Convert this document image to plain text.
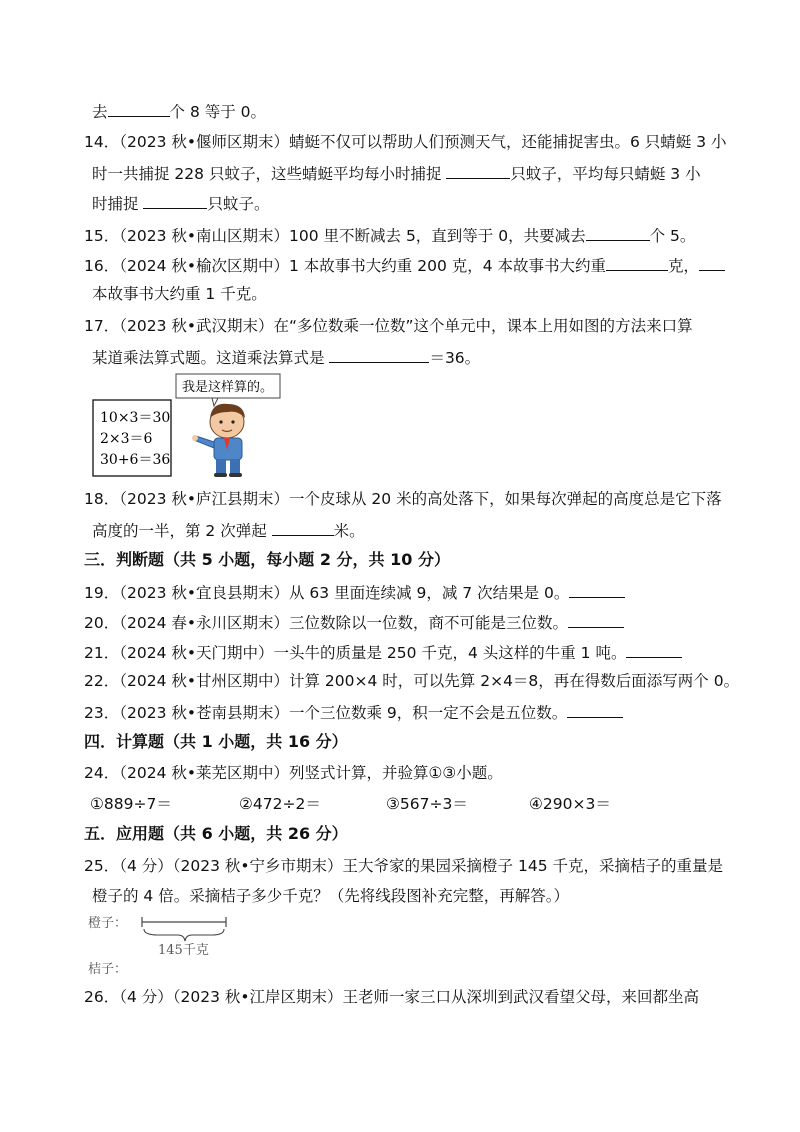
去	个 8 等于 0。
14．（2023 秋•偃师区期末）蜻蜓不仅可以帮助人们预测天气，还能捕捉害虫。6 只蜻蜓 3 小
时一共捕捉 228 只蚊子，这些蜻蜓平均每小时捕捉	只蚊子，平均每只蜻蜓 3 小
时捕捉	只蚊子。
15．（2023 秋•南山区期末）100 里不断减去 5，直到等于 0，共要减去	个 5。
16．（2024 秋•榆次区期中）1 本故事书大约重 200 克，4 本故事书大约重	克，
本故事书大约重 1 千克。
17．（2023 秋•武汉期末）在“多位数乘一位数”这个单元中，课本上用如图的方法来口算
某道乘法算式题。这道乘法算式是	＝36。
10×3＝30
2×3＝6
30+6＝36
我是这样算的。
18．（2023 秋•庐江县期末）一个皮球从 20 米的高处落下，如果每次弹起的高度总是它下落
高度的一半，第 2 次弹起	米。
三．判断题（共 5 小题，每小题 2 分，共 10 分）
19．（2023 秋•宜良县期末）从 63 里面连续减 9，减 7 次结果是 0。
20．（2024 春•永川区期末）三位数除以一位数，商不可能是三位数。
21．（2024 秋•天门期中）一头牛的质量是 250 千克，4 头这样的牛重 1 吨。
22．（2024 秋•甘州区期中）计算 200×4 时，可以先算 2×4＝8，再在得数后面添写两个 0。
23．（2023 秋•苍南县期末）一个三位数乘 9，积一定不会是五位数。
四．计算题（共 1 小题，共 16 分）
24．（2024 秋•莱芜区期中）列竖式计算，并验算①③小题。
①889÷7＝	②472÷2＝	③567÷3＝	④290×3＝
五．应用题（共 6 小题，共 26 分）
25．（4 分）（2023 秋•宁乡市期末）王大爷家的果园采摘橙子 145 千克，采摘桔子的重量是
橙子的 4 倍。采摘桔子多少千克？（先将线段图补充完整，再解答。）
橙子：
145千克
桔子：
26．（4 分）（2023 秋•江岸区期末）王老师一家三口从深圳到武汉看望父母，来回都坐高
